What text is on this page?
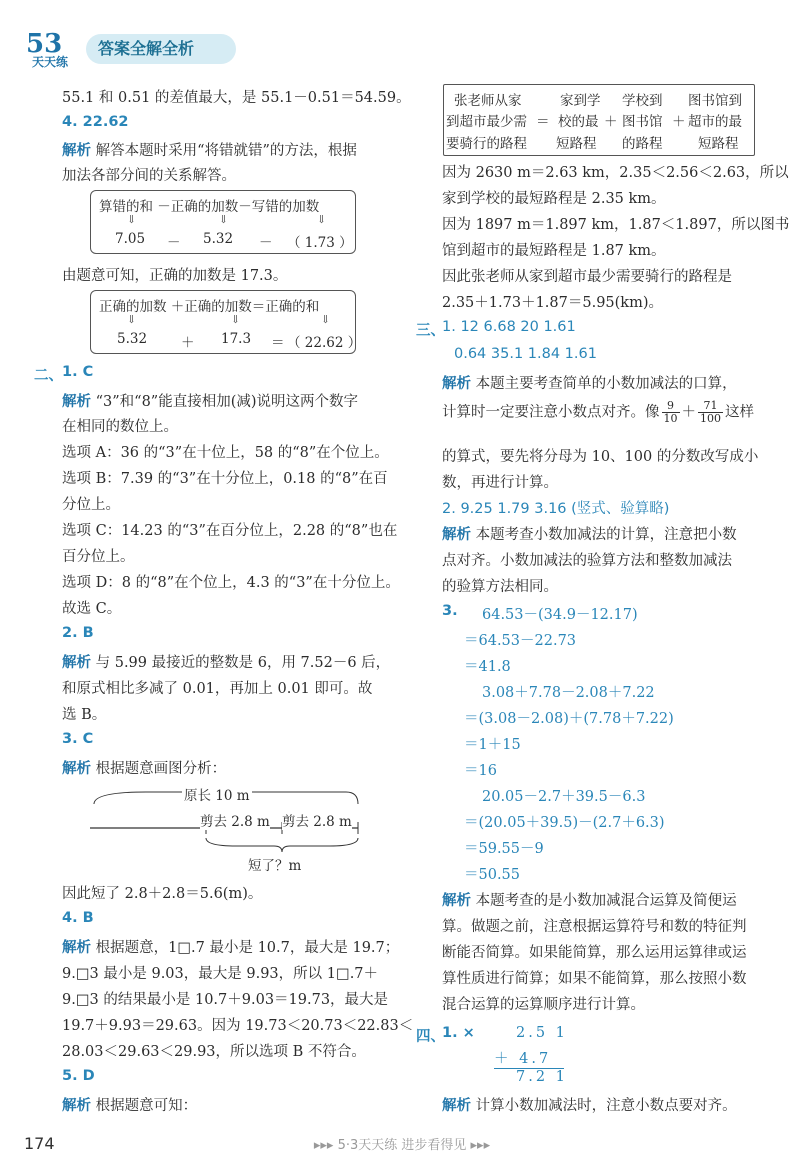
53
天天练
答案全解全析
55.1 和 0.51 的差值最大，是 55.1－0.51＝54.59。
4. 22.62
解析 解答本题时采用“将错就错”的方法，根据
加法各部分间的关系解答。
算错的和 －正确的加数－写错的加数
⇓	⇓	⇓
7.05 － 5.32 － （ 1.73 ）
由题意可知，正确的加数是 17.3。
正确的加数 ＋正确的加数＝正确的和
⇓	⇓	⇓
5.32	＋ 17.3 ＝ （ 22.62 ）
二、 1. C
解析 “3”和“8”能直接相加(减)说明这两个数字
在相同的数位上。
选项 A：36 的“3”在十位上，58 的“8”在个位上。
选项 B：7.39 的“3”在十分位上，0.18 的“8”在百
分位上。
选项 C：14.23 的“3”在百分位上，2.28 的“8”也在
百分位上。
选项 D：8 的“8”在个位上，4.3 的“3”在十分位上。
故选 C。
2. B
解析 与 5.99 最接近的整数是 6，用 7.52－6 后，
和原式相比多减了 0.01，再加上 0.01 即可。故
选 B。
3. C
解析 根据题意画图分析：
原长 10 m
剪去 2.8 m 剪去 2.8 m
短了？m
因此短了 2.8＋2.8＝5.6(m)。
4. B
解析 根据题意，1□.7 最小是 10.7，最大是 19.7；
9.□3 最小是 9.03，最大是 9.93，所以 1□.7＋
9.□3 的结果最小是 10.7＋9.03＝19.73，最大是
19.7＋9.93＝29.63。因为 19.73＜20.73＜22.83＜
28.03＜29.63＜29.93，所以选项 B 不符合。
5. D
解析 根据题意可知：
张老师从家	家到学 学校到 图书馆到
到超市最少需 ＝ 校的最 ＋ 图书馆 ＋ 超市的最
要骑行的路程 短路程 的路程	短路程
因为 2630 m＝2.63 km，2.35＜2.56＜2.63，所以
家到学校的最短路程是 2.35 km。
因为 1897 m＝1.897 km，1.87＜1.897，所以图书
馆到超市的最短路程是 1.87 km。
因此张老师从家到超市最少需要骑行的路程是
2.35＋1.73＋1.87＝5.95(km)。
三、
1. 12 6.68 20 1.61
0.64 35.1 1.84 1.61
解析 本题主要考查简单的小数加减法的口算，
计算时一定要注意小数点对齐。像 $\frac{9}{10} + \frac{71}{100}$ 这样
的算式，要先将分母为 10、100 的分数改写成小
数，再进行计算。
2. 9.25 1.79 3.16 (竖式、验算略)
解析 本题考查小数加减法的计算，注意把小数
点对齐。小数加减法的验算方法和整数加减法
的验算方法相同。
3. 64.53－(34.9－12.17)
＝64.53－22.73
＝41.8
3.08＋7.78－2.08＋7.22
＝(3.08－2.08)＋(7.78＋7.22)
＝1＋15
＝16
20.05－2.7＋39.5－6.3
＝(20.05＋39.5)－(2.7＋6.3)
＝59.55－9
＝50.55
解析 本题考查的是小数加减混合运算及简便运
算。做题之前，注意根据运算符号和数的特征判
断能否简算。如果能简算，那么运用运算律或运
算性质进行简算；如果不能简算，那么按照小数
混合运算的运算顺序进行计算。
四、
1. ×	2.5 1
＋ 4.7
7.2 1
解析 计算小数加减法时，注意小数点要对齐。
174	▸▸▸ 5·3天天练 进步看得见 ▸▸▸
